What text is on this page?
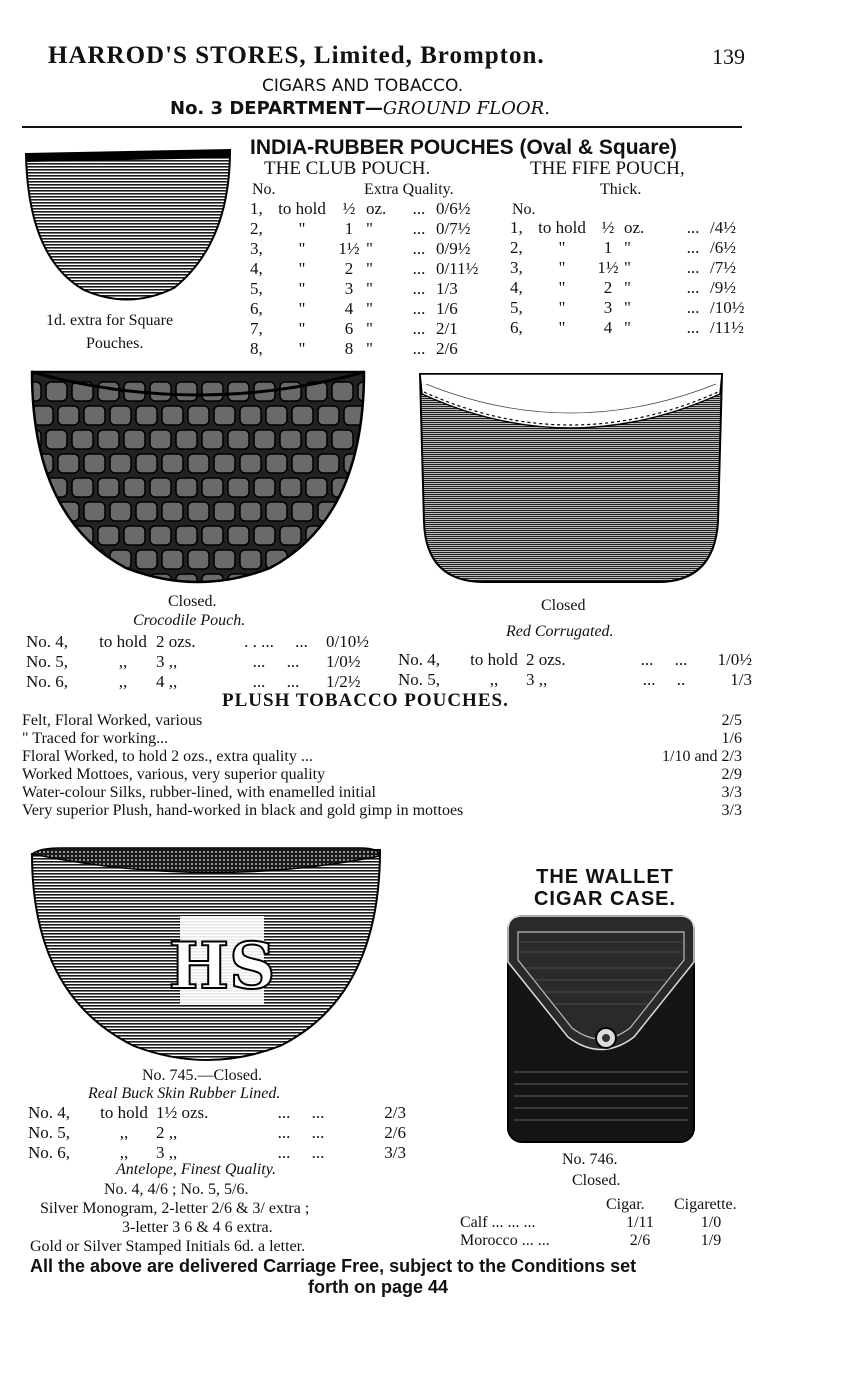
HARROD'S STORES, Limited, Brompton.	139
CIGARS AND TOBACCO.
No. 3 DEPARTMENT—GROUND FLOOR.
1d. extra for Square
Pouches.
INDIA-RUBBER POUCHES (Oval & Square)
THE CLUB POUCH.	THE FIFE POUCH,
No.	Extra Quality.	Thick.
No.
1,	to hold	½	oz.	...	0/6½
2,	"	1	"	...	0/7½
3,	"	1½	"	...	0/9½
4,	"	2	"	...	0/11½
5,	"	3	"	...	1/3
6,	"	4	"	...	1/6
7,	"	6	"	...	2/1
8,	"	8	"	...	2/6
1,	to hold	½	oz.	...	/4½
2,	"	1	"	...	/6½
3,	"	1½	"	...	/7½
4,	"	2	"	...	/9½
5,	"	3	"	...	/10½
6,	"	4	"	...	/11½
Closed.
Crocodile Pouch.
No. 4,	to hold	2 ozs.	. . ...     ...	0/10½
No. 5,	,,	3 ,,	...     ...	1/0½
No. 6,	,,	4 ,,	...     ...	1/2½
Closed
Red Corrugated.
No. 4,	to hold	2 ozs.	...     ...	1/0½
No. 5,	,,	3 ,,	...     ..	1/3
PLUSH TOBACCO POUCHES.
Felt, Floral Worked, various	2/5
" Traced for working...	1/6
Floral Worked, to hold 2 ozs., extra quality ...	1/10 and 2/3
Worked Mottoes, various, very superior quality	2/9
Water-colour Silks, rubber-lined, with enamelled initial	3/3
Very superior Plush, hand-worked in black and gold gimp in mottoes	3/3
HS
No. 745.—Closed.
Real Buck Skin Rubber Lined.
No. 4,	to hold	1½ ozs.	...     ...	2/3
No. 5,	,,	2 ,,	...     ...	2/6
No. 6,	,,	3 ,,	...     ...	3/3
Antelope, Finest Quality.
No. 4, 4/6 ; No. 5, 5/6.
Silver Monogram, 2-letter 2/6 & 3/ extra ;
3-letter 3 6 & 4 6 extra.
Gold or Silver Stamped Initials 6d. a letter.
THE WALLET
CIGAR CASE.
No. 746.
Closed.
Cigar. Cigarette.
Calf ... ... ...	1/11	1/0
Morocco ... ...	2/6	1/9
All the above are delivered Carriage Free, subject to the Conditions set
forth on page 44
